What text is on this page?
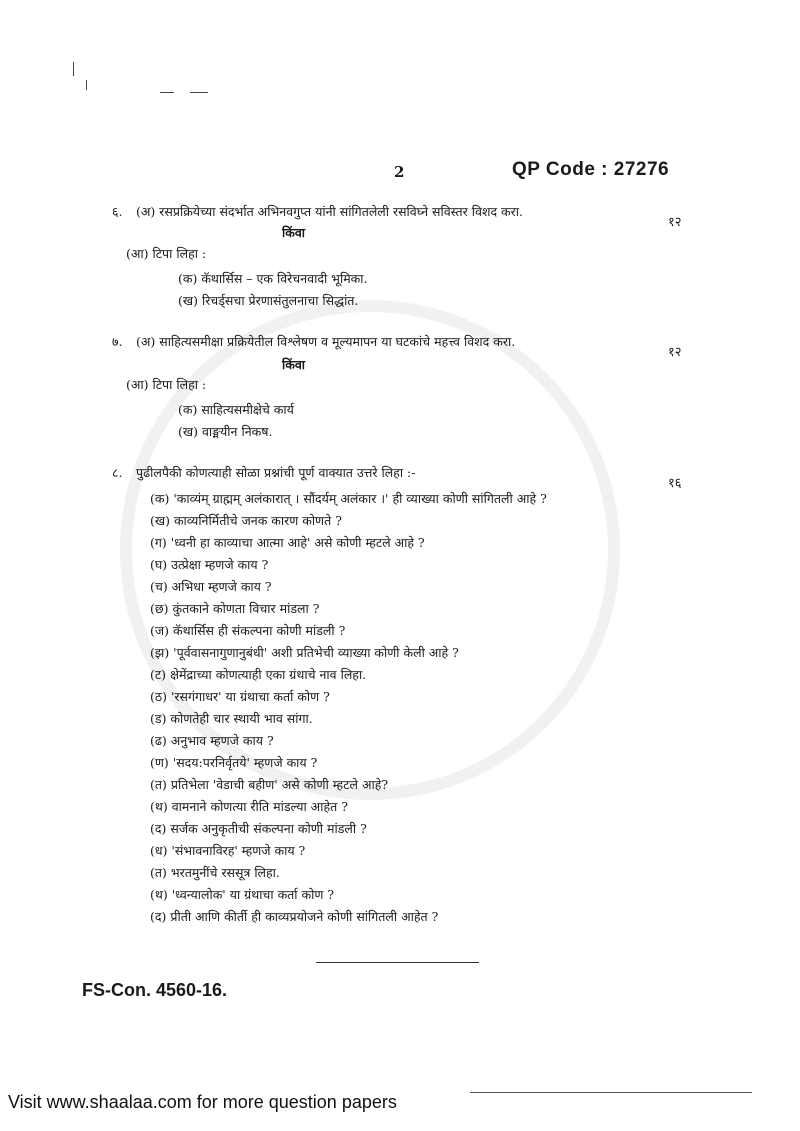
2	QP Code : 27276
६. (अ) रसप्रक्रियेच्या संदर्भात अभिनवगुप्त यांनी सांगितलेली रसविघ्ने सविस्तर विशद करा.
१२
किंवा
(आ) टिपा लिहा :
(क) कॅथार्सिस – एक विरेचनवादी भूमिका.
(ख) रिचर्ड्सचा प्रेरणासंतुलनाचा सिद्धांत.
७. (अ) साहित्यसमीक्षा प्रक्रियेतील विश्लेषण व मूल्यमापन या घटकांचे महत्त्व विशद करा.
१२
किंवा
(आ) टिपा लिहा :
(क) साहित्यसमीक्षेचे कार्य
(ख) वाङ्मयीन निकष.
८. पुढीलपैकी कोणत्याही सोळा प्रश्नांची पूर्ण वाक्यात उत्तरे लिहा :-
१६
(क) 'काव्यंम् ग्राह्मम् अलंकारात् । सौंदर्यम् अलंकार ।' ही व्याख्या कोणी सांगितली आहे ?
(ख) काव्यनिर्मितीचे जनक कारण कोणते ?
(ग) 'ध्वनी हा काव्याचा आत्मा आहे' असे कोणी म्हटले आहे ?
(घ) उत्प्रेक्षा म्हणजे काय ?
(च) अभिधा म्हणजे काय ?
(छ) कुंतकाने कोणता विचार मांडला ?
(ज) कॅथार्सिस ही संकल्पना कोणी मांडली ?
(झ) 'पूर्ववासनागुणानुबंधी' अशी प्रतिभेची व्याख्या कोणी केली आहे ?
(ट) क्षेमेंद्राच्या कोणत्याही एका ग्रंथाचे नाव लिहा.
(ठ) 'रसगंगाधर' या ग्रंथाचा कर्ता कोण ?
(ड) कोणतेही चार स्थायी भाव सांगा.
(ढ) अनुभाव म्हणजे काय ?
(ण) 'सदय:परनिर्वृतये' म्हणजे काय ?
(त) प्रतिभेला 'वेडाची बहीण' असे कोणी म्हटले आहे?
(थ) वामनाने कोणत्या रीति मांडल्या आहेत ?
(द) सर्जक अनुकृतीची संकल्पना कोणी मांडली ?
(ध) 'संभावनाविरह' म्हणजे काय ?
(त) भरतमुनींचे रससूत्र लिहा.
(थ) 'ध्वन्यालोक' या ग्रंथाचा कर्ता कोण ?
(द) प्रीती आणि कीर्ती ही काव्यप्रयोजने कोणी सांगितली आहेत ?
FS-Con. 4560-16.
Visit www.shaalaa.com for more question papers
